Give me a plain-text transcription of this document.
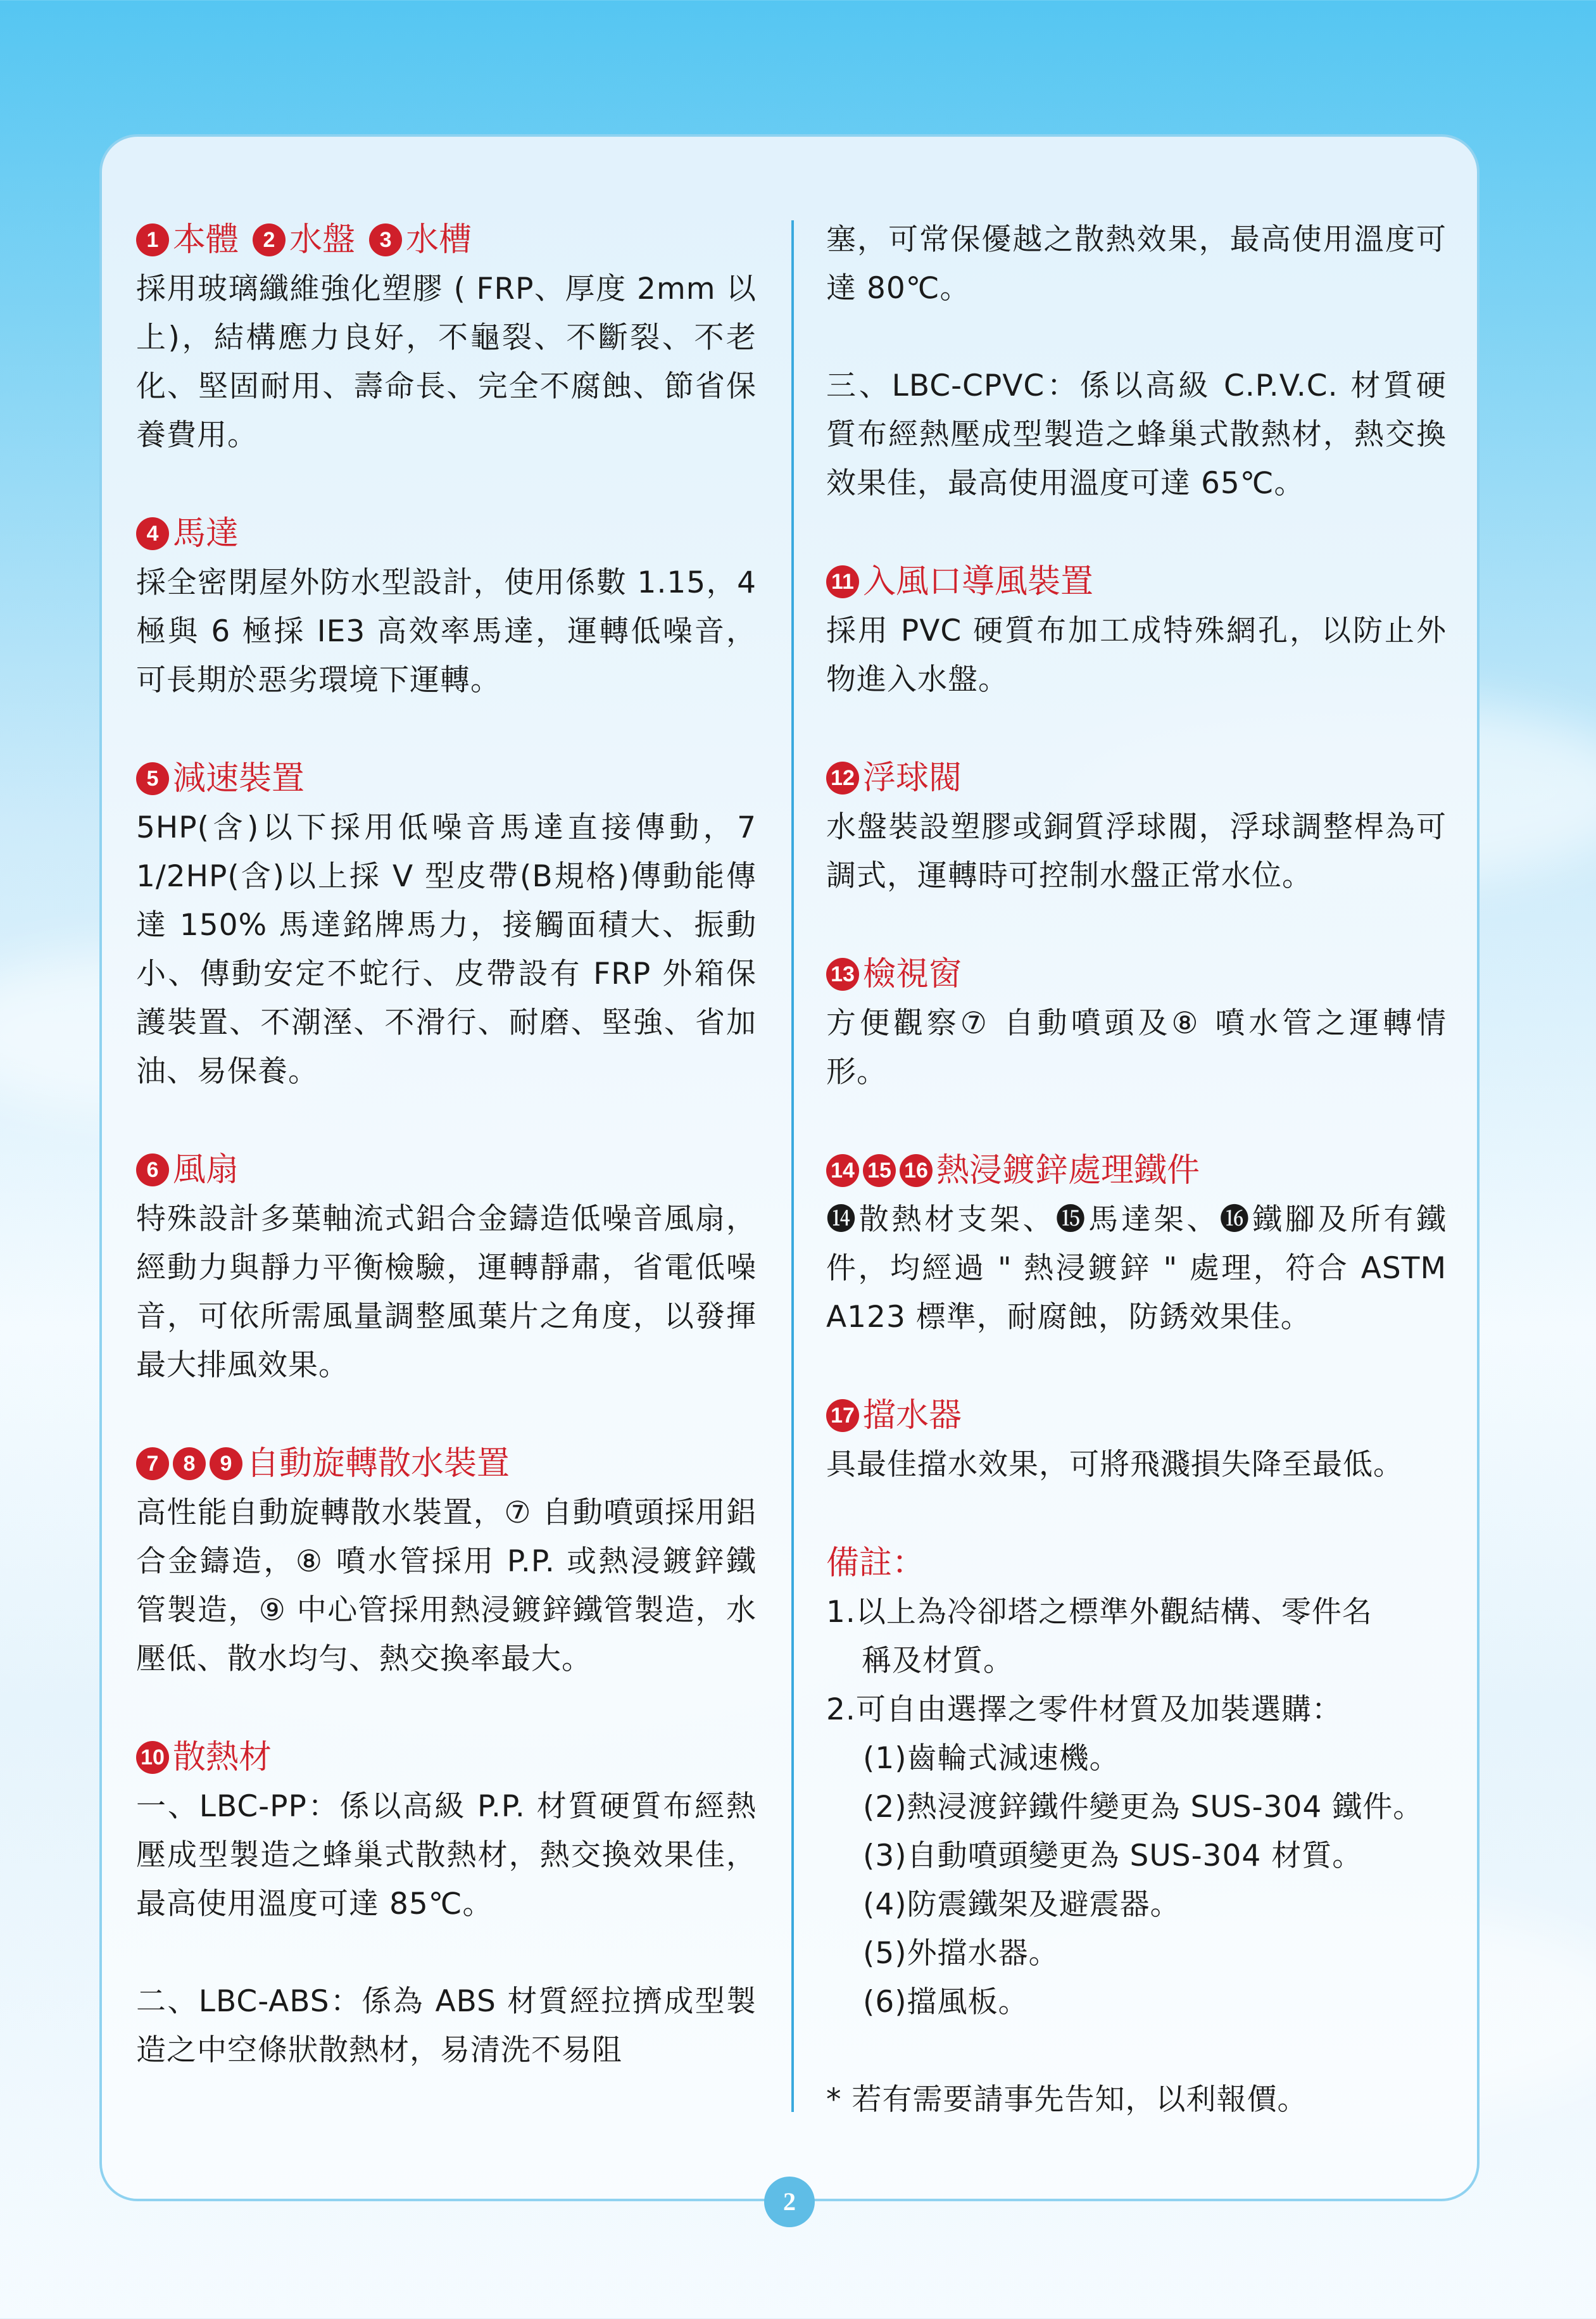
1 本體	2 水盤	3 水槽
採用玻璃纖維強化塑膠 ( FRP、厚度 2mm 以上)，結構應力良好，不龜裂、不斷裂、不老化、堅固耐用、壽命長、完全不腐蝕、節省保養費用。
4 馬達
採全密閉屋外防水型設計，使用係數 1.15，4 極與 6 極採 IE3 高效率馬達，運轉低噪音，可長期於惡劣環境下運轉。
5 減速裝置
5HP(含)以下採用低噪音馬達直接傳動，7 1/2HP(含)以上採 V 型皮帶(B規格)傳動能傳達 150% 馬達銘牌馬力，接觸面積大、振動小、傳動安定不蛇行、皮帶設有 FRP 外箱保護裝置、不潮溼、不滑行、耐磨、堅強、省加油、易保養。
6 風扇
特殊設計多葉軸流式鋁合金鑄造低噪音風扇，經動力與靜力平衡檢驗，運轉靜肅，省電低噪音，可依所需風量調整風葉片之角度，以發揮最大排風效果。
7	8	9 自動旋轉散水裝置
高性能自動旋轉散水裝置，⑦ 自動噴頭採用鋁合金鑄造，⑧ 噴水管採用 P.P. 或熱浸鍍鋅鐵管製造，⑨ 中心管採用熱浸鍍鋅鐵管製造，水壓低、散水均勻、熱交換率最大。
10 散熱材
一、LBC-PP：係以高級 P.P. 材質硬質布經熱壓成型製造之蜂巢式散熱材，熱交換效果佳，最高使用溫度可達 85℃。
二、LBC-ABS：係為 ABS 材質經拉擠成型製造之中空條狀散熱材，易清洗不易阻
塞，可常保優越之散熱效果，最高使用溫度可達 80℃。
三、LBC-CPVC：係以高級 C.P.V.C. 材質硬質布經熱壓成型製造之蜂巢式散熱材，熱交換效果佳，最高使用溫度可達 65℃。
11 入風口導風裝置
採用 PVC 硬質布加工成特殊網孔，以防止外物進入水盤。
12 浮球閥
水盤裝設塑膠或銅質浮球閥，浮球調整桿為可調式，運轉時可控制水盤正常水位。
13 檢視窗
方便觀察⑦ 自動噴頭及⑧ 噴水管之運轉情形。
14 15 16 熱浸鍍鋅處理鐵件
⓮散熱材支架、⓯馬達架、⓰鐵腳及所有鐵件，均經過 " 熱浸鍍鋅 " 處理，符合 ASTM A123 標準，耐腐蝕，防銹效果佳。
17 擋水器
具最佳擋水效果，可將飛濺損失降至最低。
備註：
1.以上為冷卻塔之標準外觀結構、零件名
稱及材質。
2.可自由選擇之零件材質及加裝選購：
(1)齒輪式減速機。
(2)熱浸渡鋅鐵件變更為 SUS-304 鐵件。
(3)自動噴頭變更為 SUS-304 材質。
(4)防震鐵架及避震器。
(5)外擋水器。
(6)擋風板。
* 若有需要請事先告知，以利報價。
2
